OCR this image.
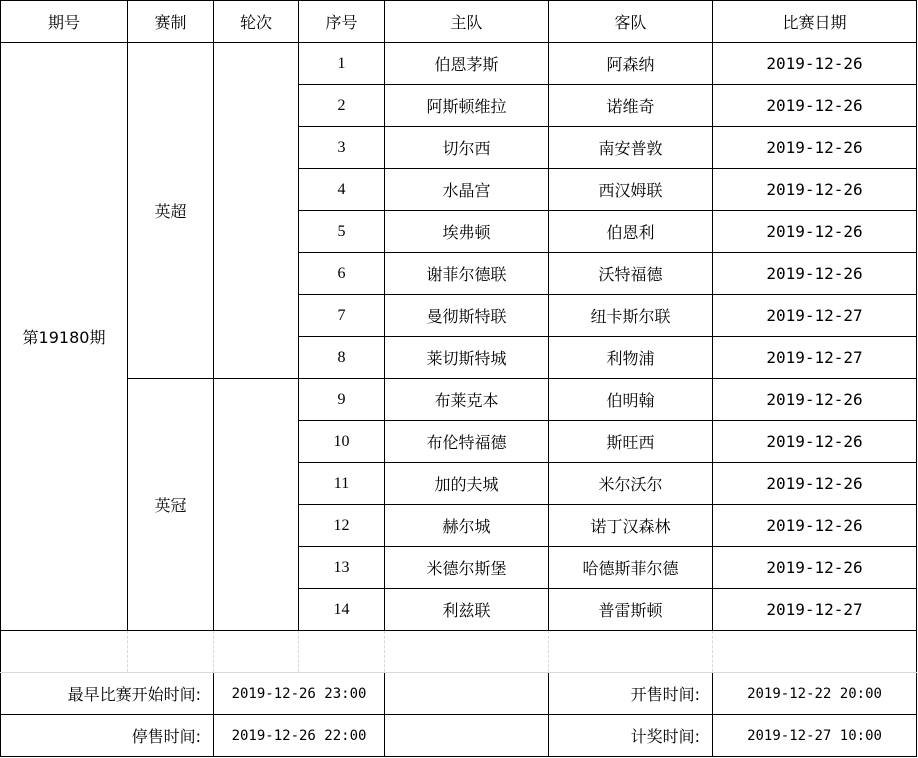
期号	赛制	轮次	序号	主队	客队	比赛日期
第19180期	英超		1	伯恩茅斯	阿森纳	2019-12-26
			2	阿斯顿维拉	诺维奇	2019-12-26
			3	切尔西	南安普敦	2019-12-26
			4	水晶宫	西汉姆联	2019-12-26
			5	埃弗顿	伯恩利	2019-12-26
			6	谢菲尔德联	沃特福德	2019-12-26
			7	曼彻斯特联	纽卡斯尔联	2019-12-27
			8	莱切斯特城	利物浦	2019-12-27
	英冠		9	布莱克本	伯明翰	2019-12-26
			10	布伦特福德	斯旺西	2019-12-26
			11	加的夫城	米尔沃尔	2019-12-26
			12	赫尔城	诺丁汉森林	2019-12-26
			13	米德尔斯堡	哈德斯菲尔德	2019-12-26
			14	利兹联	普雷斯顿	2019-12-27

最早比赛开始时间:		2019-12-26 23:00			开售时间:	2019-12-22 20:00
停售时间:		2019-12-26 22:00			计奖时间:	2019-12-27 10:00
